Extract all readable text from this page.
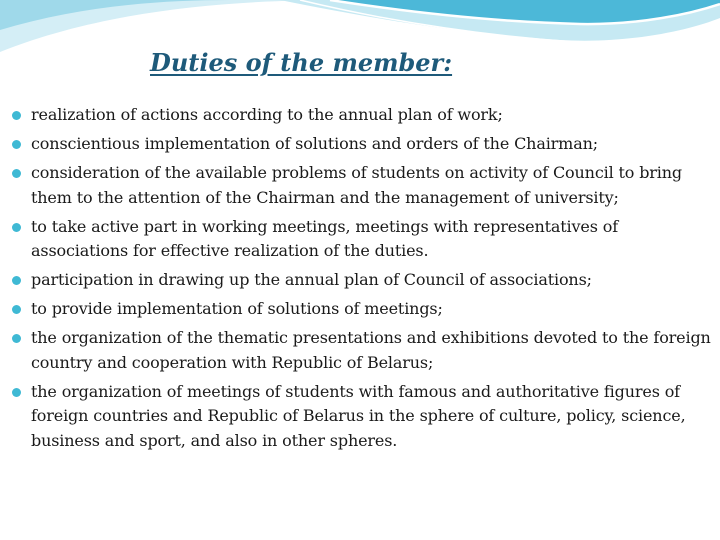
Duties of the member:
realization of actions according to the annual plan of work;
conscientious implementation of solutions and orders of the Chairman;
consideration of the available problems of students on activity of Council to bring them to the attention of the Chairman and the management of university;
to take active part in working meetings, meetings with representatives of associations for effective realization of the duties.
participation in drawing up the annual plan of Council of associations;
to provide implementation of solutions of meetings;
the organization of the thematic presentations and exhibitions devoted to the foreign country and cooperation with Republic of Belarus;
the organization of meetings of students with famous and authoritative figures of foreign countries and Republic of Belarus in the sphere of culture, policy, science, business and sport, and also in other spheres.
